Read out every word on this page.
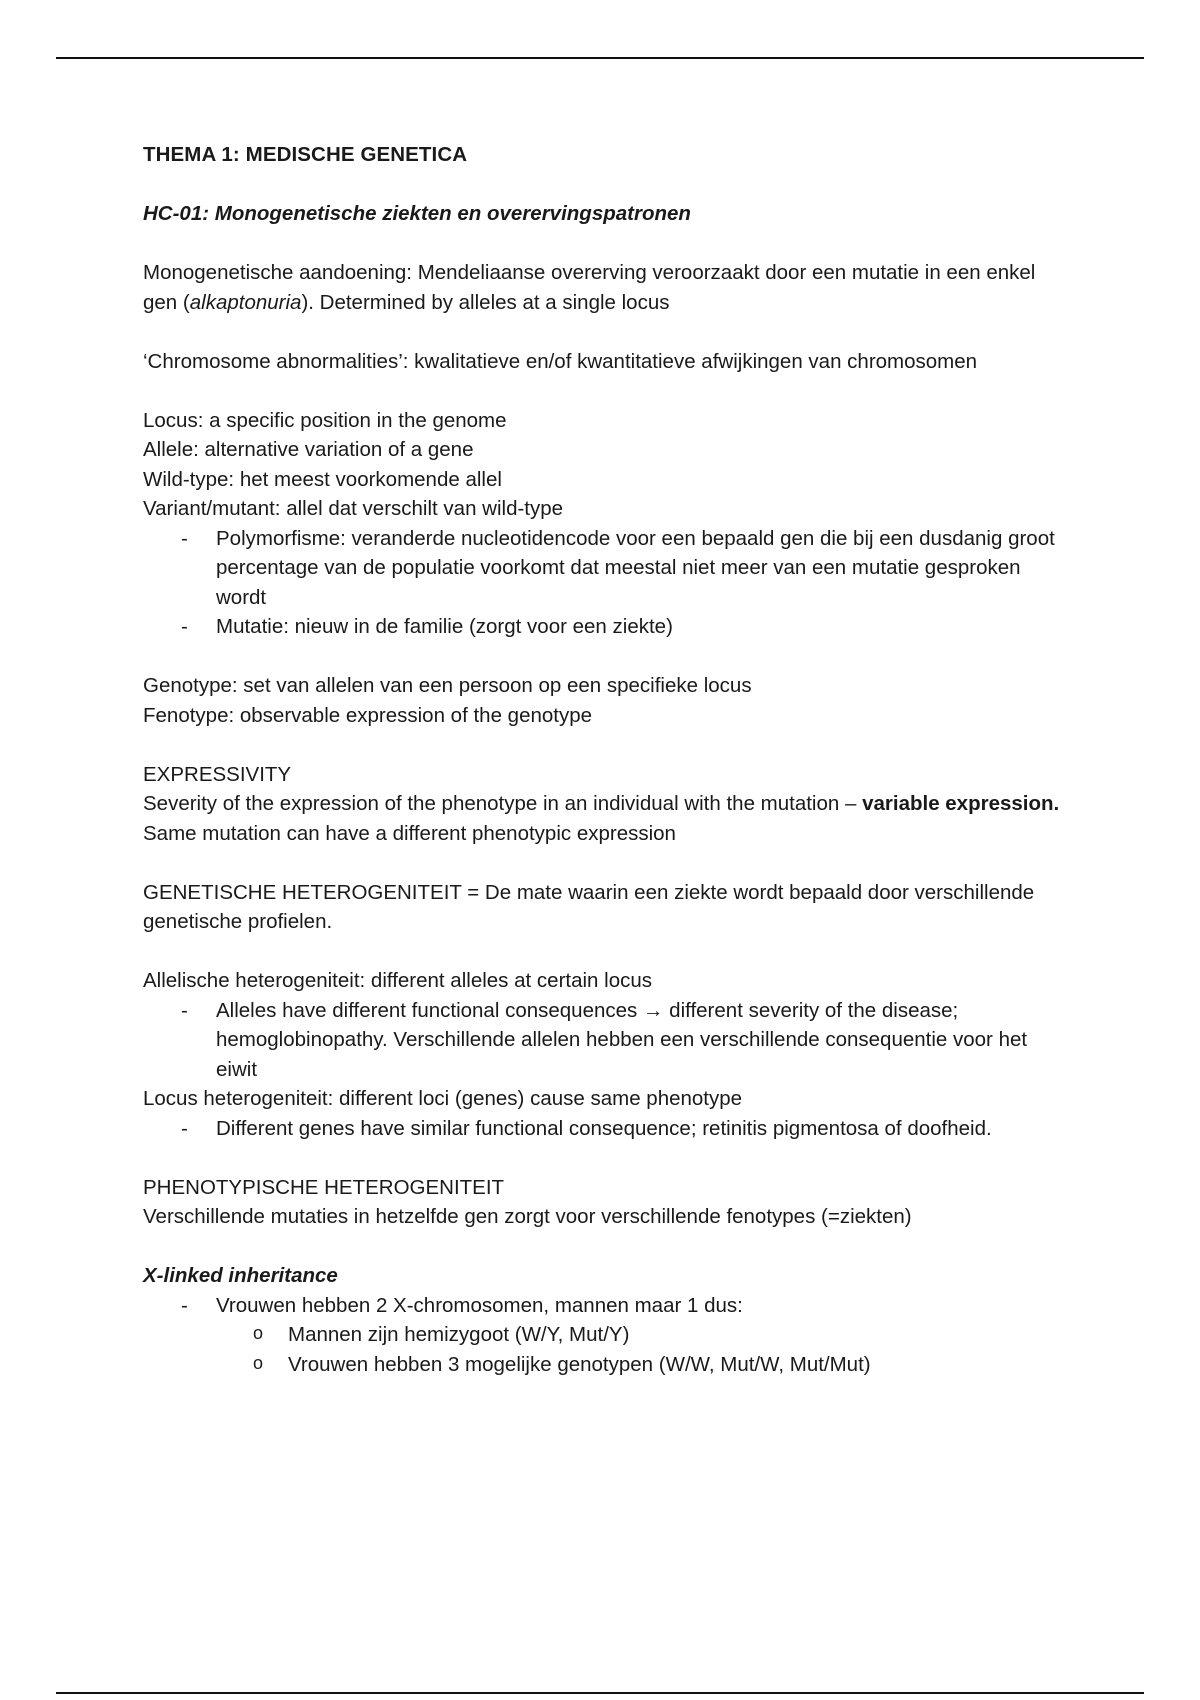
THEMA 1: MEDISCHE GENETICA

HC-01: Monogenetische ziekten en overervingspatronen

Monogenetische aandoening: Mendeliaanse overerving veroorzaakt door een mutatie in een enkel gen (alkaptonuria). Determined by alleles at a single locus

‘Chromosome abnormalities’: kwalitatieve en/of kwantitatieve afwijkingen van chromosomen

Locus: a specific position in the genome

Allele: alternative variation of a gene

Wild-type: het meest voorkomende allel

Variant/mutant: allel dat verschilt van wild-type

- Polymorfisme: veranderde nucleotidencode voor een bepaald gen die bij een dusdanig groot percentage van de populatie voorkomt dat meestal niet meer van een mutatie gesproken wordt
- Mutatie: nieuw in de familie (zorgt voor een ziekte)

Genotype: set van allelen van een persoon op een specifieke locus

Fenotype: observable expression of the genotype

EXPRESSIVITY

Severity of the expression of the phenotype in an individual with the mutation – variable expression. Same mutation can have a different phenotypic expression

GENETISCHE HETEROGENITEIT = De mate waarin een ziekte wordt bepaald door verschillende genetische profielen.

Allelische heterogeniteit: different alleles at certain locus

- Alleles have different functional consequences → different severity of the disease; hemoglobinopathy. Verschillende allelen hebben een verschillende consequentie voor het eiwit

Locus heterogeniteit: different loci (genes) cause same phenotype

- Different genes have similar functional consequence; retinitis pigmentosa of doofheid.

PHENOTYPISCHE HETEROGENITEIT

Verschillende mutaties in hetzelfde gen zorgt voor verschillende fenotypes (=ziekten)

X-linked inheritance

- Vrouwen hebben 2 X-chromosomen, mannen maar 1 dus:
o Mannen zijn hemizygoot (W/Y, Mut/Y)
o Vrouwen hebben 3 mogelijke genotypen (W/W, Mut/W, Mut/Mut)
